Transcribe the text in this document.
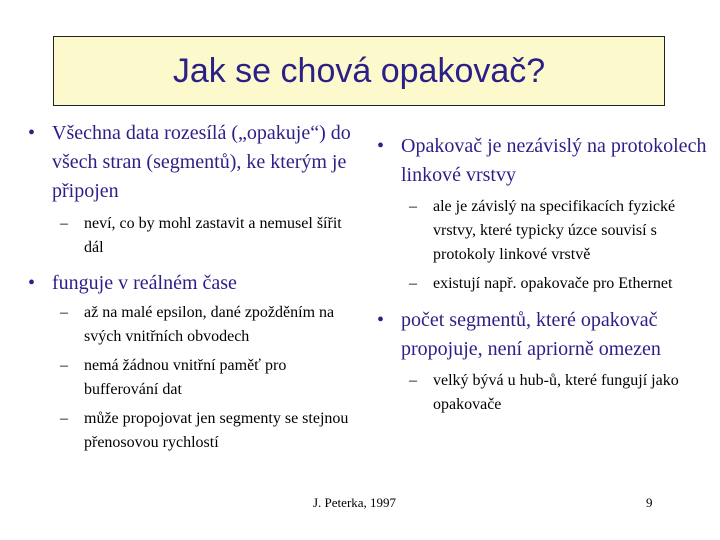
Jak se chová opakovač?
• Všechna data rozesílá („opakuje“) do všech stran (segmentů), ke kterým je připojen
– neví, co by mohl zastavit a nemusel šířit dál
• funguje v reálném čase
– až na malé epsilon, dané zpožděním na svých vnitřních obvodech
– nemá žádnou vnitřní paměť pro bufferování dat
– může propojovat jen segmenty se stejnou přenosovou rychlostí
• Opakovač je nezávislý na protokolech linkové vrstvy
– ale je závislý na specifikacích fyzické vrstvy, které typicky úzce souvisí s protokoly linkové vrstvě
– existují např. opakovače pro Ethernet
• počet segmentů, které opakovač propojuje, není apriorně omezen
– velký bývá u hub-ů, které fungují jako opakovače
J. Peterka, 1997	9
